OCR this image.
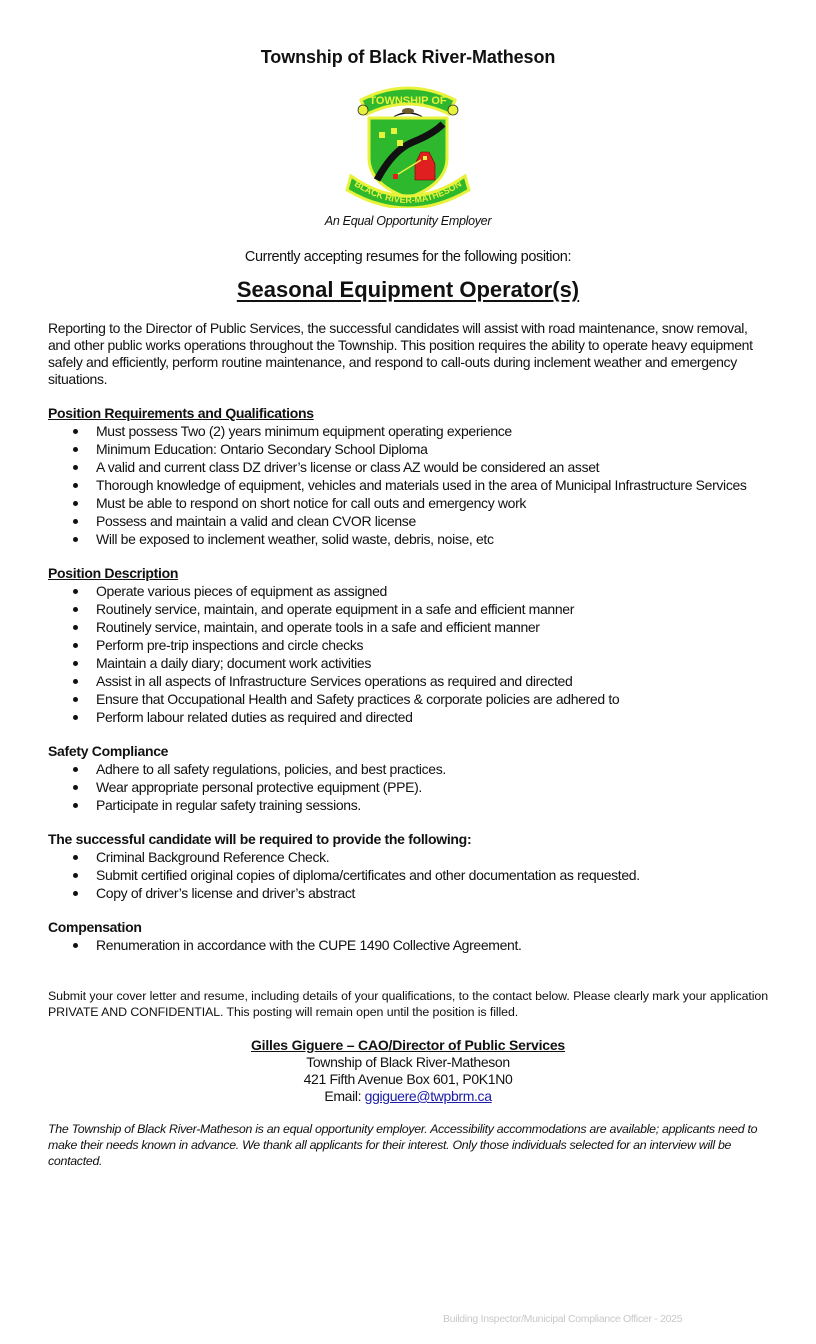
Township of Black River-Matheson
TOWNSHIP OF
BLACK RIVER-MATHESON
An Equal Opportunity Employer
Currently accepting resumes for the following position:
Seasonal Equipment Operator(s)

Reporting to the Director of Public Services, the successful candidates will assist with road maintenance, snow removal, and other public works operations throughout the Township. This position requires the ability to operate heavy equipment safely and efficiently, perform routine maintenance, and respond to call-outs during inclement weather and emergency situations.

Position Requirements and Qualifications

Must possess Two (2) years minimum equipment operating experience
Minimum Education: Ontario Secondary School Diploma
A valid and current class DZ driver’s license or class AZ would be considered an asset
Thorough knowledge of equipment, vehicles and materials used in the area of Municipal Infrastructure Services
Must be able to respond on short notice for call outs and emergency work
Possess and maintain a valid and clean CVOR license
Will be exposed to inclement weather, solid waste, debris, noise, etc

Position Description

Operate various pieces of equipment as assigned
Routinely service, maintain, and operate equipment in a safe and efficient manner
Routinely service, maintain, and operate tools in a safe and efficient manner
Perform pre-trip inspections and circle checks
Maintain a daily diary; document work activities
Assist in all aspects of Infrastructure Services operations as required and directed
Ensure that Occupational Health and Safety practices & corporate policies are adhered to
Perform labour related duties as required and directed

Safety Compliance

Adhere to all safety regulations, policies, and best practices.
Wear appropriate personal protective equipment (PPE).
Participate in regular safety training sessions.

The successful candidate will be required to provide the following:

Criminal Background Reference Check.
Submit certified original copies of diploma/certificates and other documentation as requested.
Copy of driver’s license and driver’s abstract

Compensation

Renumeration in accordance with the CUPE 1490 Collective Agreement.
Submit your cover letter and resume, including details of your qualifications, to the contact below. Please clearly mark your application PRIVATE AND CONFIDENTIAL. This posting will remain open until the position is filled.
Gilles Giguere – CAO/Director of Public Services
Township of Black River-Matheson
421 Fifth Avenue Box 601, P0K1N0
Email: ggiguere@twpbrm.ca
The Township of Black River-Matheson is an equal opportunity employer. Accessibility accommodations are available; applicants need to make their needs known in advance. We thank all applicants for their interest. Only those individuals selected for an interview will be contacted.
Building Inspector/Municipal Compliance Officer - 2025
